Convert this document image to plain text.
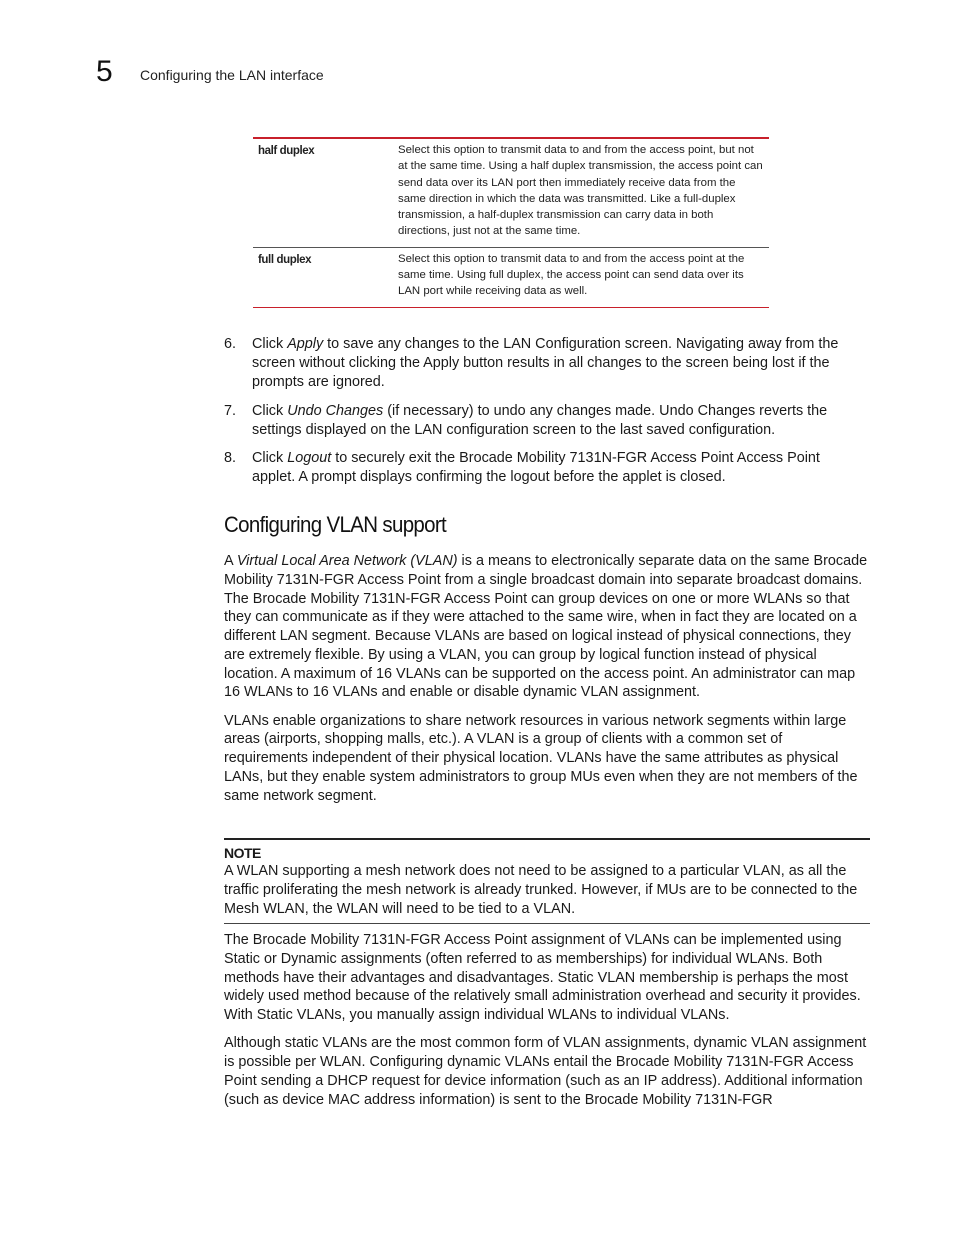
5 Configuring the LAN interface
half duplex	Select this option to transmit data to and from the access point, but not at the same time. Using a half duplex transmission, the access point can send data over its LAN port then immediately receive data from the same direction in which the data was transmitted. Like a full-duplex transmission, a half-duplex transmission can carry data in both directions, just not at the same time.
full duplex	Select this option to transmit data to and from the access point at the same time. Using full duplex, the access point can send data over its LAN port while receiving data as well.
6.	Click Apply to save any changes to the LAN Configuration screen. Navigating away from the screen without clicking the Apply button results in all changes to the screen being lost if the prompts are ignored.
7.	Click Undo Changes (if necessary) to undo any changes made. Undo Changes reverts the settings displayed on the LAN configuration screen to the last saved configuration.
8.	Click Logout to securely exit the Brocade Mobility 7131N-FGR Access Point Access Point applet. A prompt displays confirming the logout before the applet is closed.
Configuring VLAN support

A Virtual Local Area Network (VLAN) is a means to electronically separate data on the same Brocade Mobility 7131N-FGR Access Point from a single broadcast domain into separate broadcast domains. The Brocade Mobility 7131N-FGR Access Point can group devices on one or more WLANs so that they can communicate as if they were attached to the same wire, when in fact they are located on a different LAN segment. Because VLANs are based on logical instead of physical connections, they are extremely flexible. By using a VLAN, you can group by logical function instead of physical location. A maximum of 16 VLANs can be supported on the access point. An administrator can map 16 WLANs to 16 VLANs and enable or disable dynamic VLAN assignment.

VLANs enable organizations to share network resources in various network segments within large areas (airports, shopping malls, etc.). A VLAN is a group of clients with a common set of requirements independent of their physical location. VLANs have the same attributes as physical LANs, but they enable system administrators to group MUs even when they are not members of the same network segment.

NOTE
A WLAN supporting a mesh network does not need to be assigned to a particular VLAN, as all the traffic proliferating the mesh network is already trunked. However, if MUs are to be connected to the Mesh WLAN, the WLAN will need to be tied to a VLAN.

The Brocade Mobility 7131N-FGR Access Point assignment of VLANs can be implemented using Static or Dynamic assignments (often referred to as memberships) for individual WLANs. Both methods have their advantages and disadvantages. Static VLAN membership is perhaps the most widely used method because of the relatively small administration overhead and security it provides. With Static VLANs, you manually assign individual WLANs to individual VLANs.

Although static VLANs are the most common form of VLAN assignments, dynamic VLAN assignment is possible per WLAN. Configuring dynamic VLANs entail the Brocade Mobility 7131N-FGR Access Point sending a DHCP request for device information (such as an IP address). Additional information (such as device MAC address information) is sent to the Brocade Mobility 7131N-FGR
